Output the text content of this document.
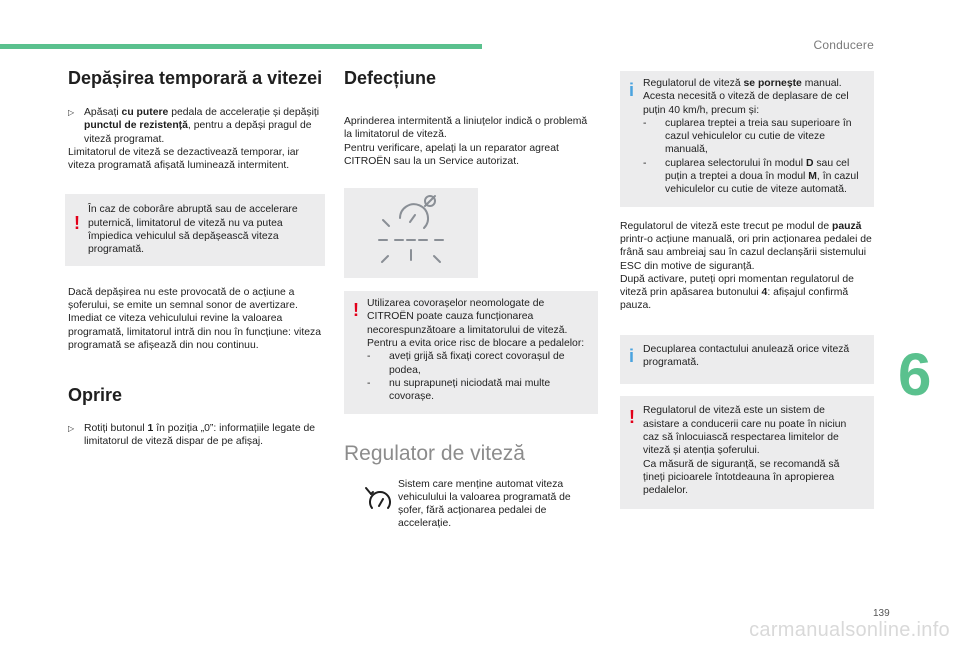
Conducere
6
139
carmanualsonline.info
Depășirea temporară a vitezei
▷ Apăsați cu putere pedala de accelerație și depășiți punctul de rezistență, pentru a depăși pragul de viteză programat.

Limitatorul de viteză se dezactivează temporar, iar viteza programată afișată luminează intermitent.

!

În caz de coborâre abruptă sau de accelerare puternică, limitatorul de viteză nu va putea împiedica vehiculul să depășească viteza programată.

Dacă depășirea nu este provocată de o acțiune a șoferului, se emite un semnal sonor de avertizare.

Imediat ce viteza vehiculului revine la valoarea programată, limitatorul intră din nou în funcțiune: viteza programată se afișează din nou continuu.

Oprire
▷ Rotiți butonul 1 în poziția „0”: informațiile legate de limitatorul de viteză dispar de pe afișaj.
Defecțiune

Aprinderea intermitentă a liniuțelor indică o problemă la limitatorul de viteză.

Pentru verificare, apelați la un reparator agreat CITROËN sau la un Service autorizat.

! Utilizarea covorașelor neomologate de CITROËN poate cauza funcționarea necorespunzătoare a limitatorului de viteză.

Pentru a evita orice risc de blocare a pedalelor:

-	aveți grijă să fixați corect covorașul de podea,
-	nu suprapuneți niciodată mai multe covorașe.
Regulator de viteză

Sistem care menține automat viteza vehiculului la valoarea programată de șofer, fără acționarea pedalei de accelerație.

i Regulatorul de viteză se pornește manual.

Acesta necesită o viteză de deplasare de cel puțin 40 km/h, precum și:

-	cuplarea treptei a treia sau superioare în cazul vehiculelor cu cutie de viteze manuală,
-	cuplarea selectorului în modul D sau cel puțin a treptei a doua în modul M, în cazul vehiculelor cu cutie de viteze automată.

Regulatorul de viteză este trecut pe modul de pauză printr-o acțiune manuală, ori prin acționarea pedalei de frână sau ambreiaj sau în cazul declanșării sistemului ESC din motive de siguranță.

După activare, puteți opri momentan regulatorul de viteză prin apăsarea butonului 4: afișajul confirmă pauza.

i Decuplarea contactului anulează orice viteză programată.

! Regulatorul de viteză este un sistem de asistare a conducerii care nu poate în niciun caz să înlocuiască respectarea limitelor de viteză și atenția șoferului.

Ca măsură de siguranță, se recomandă să țineți picioarele întotdeauna în apropierea pedalelor.
